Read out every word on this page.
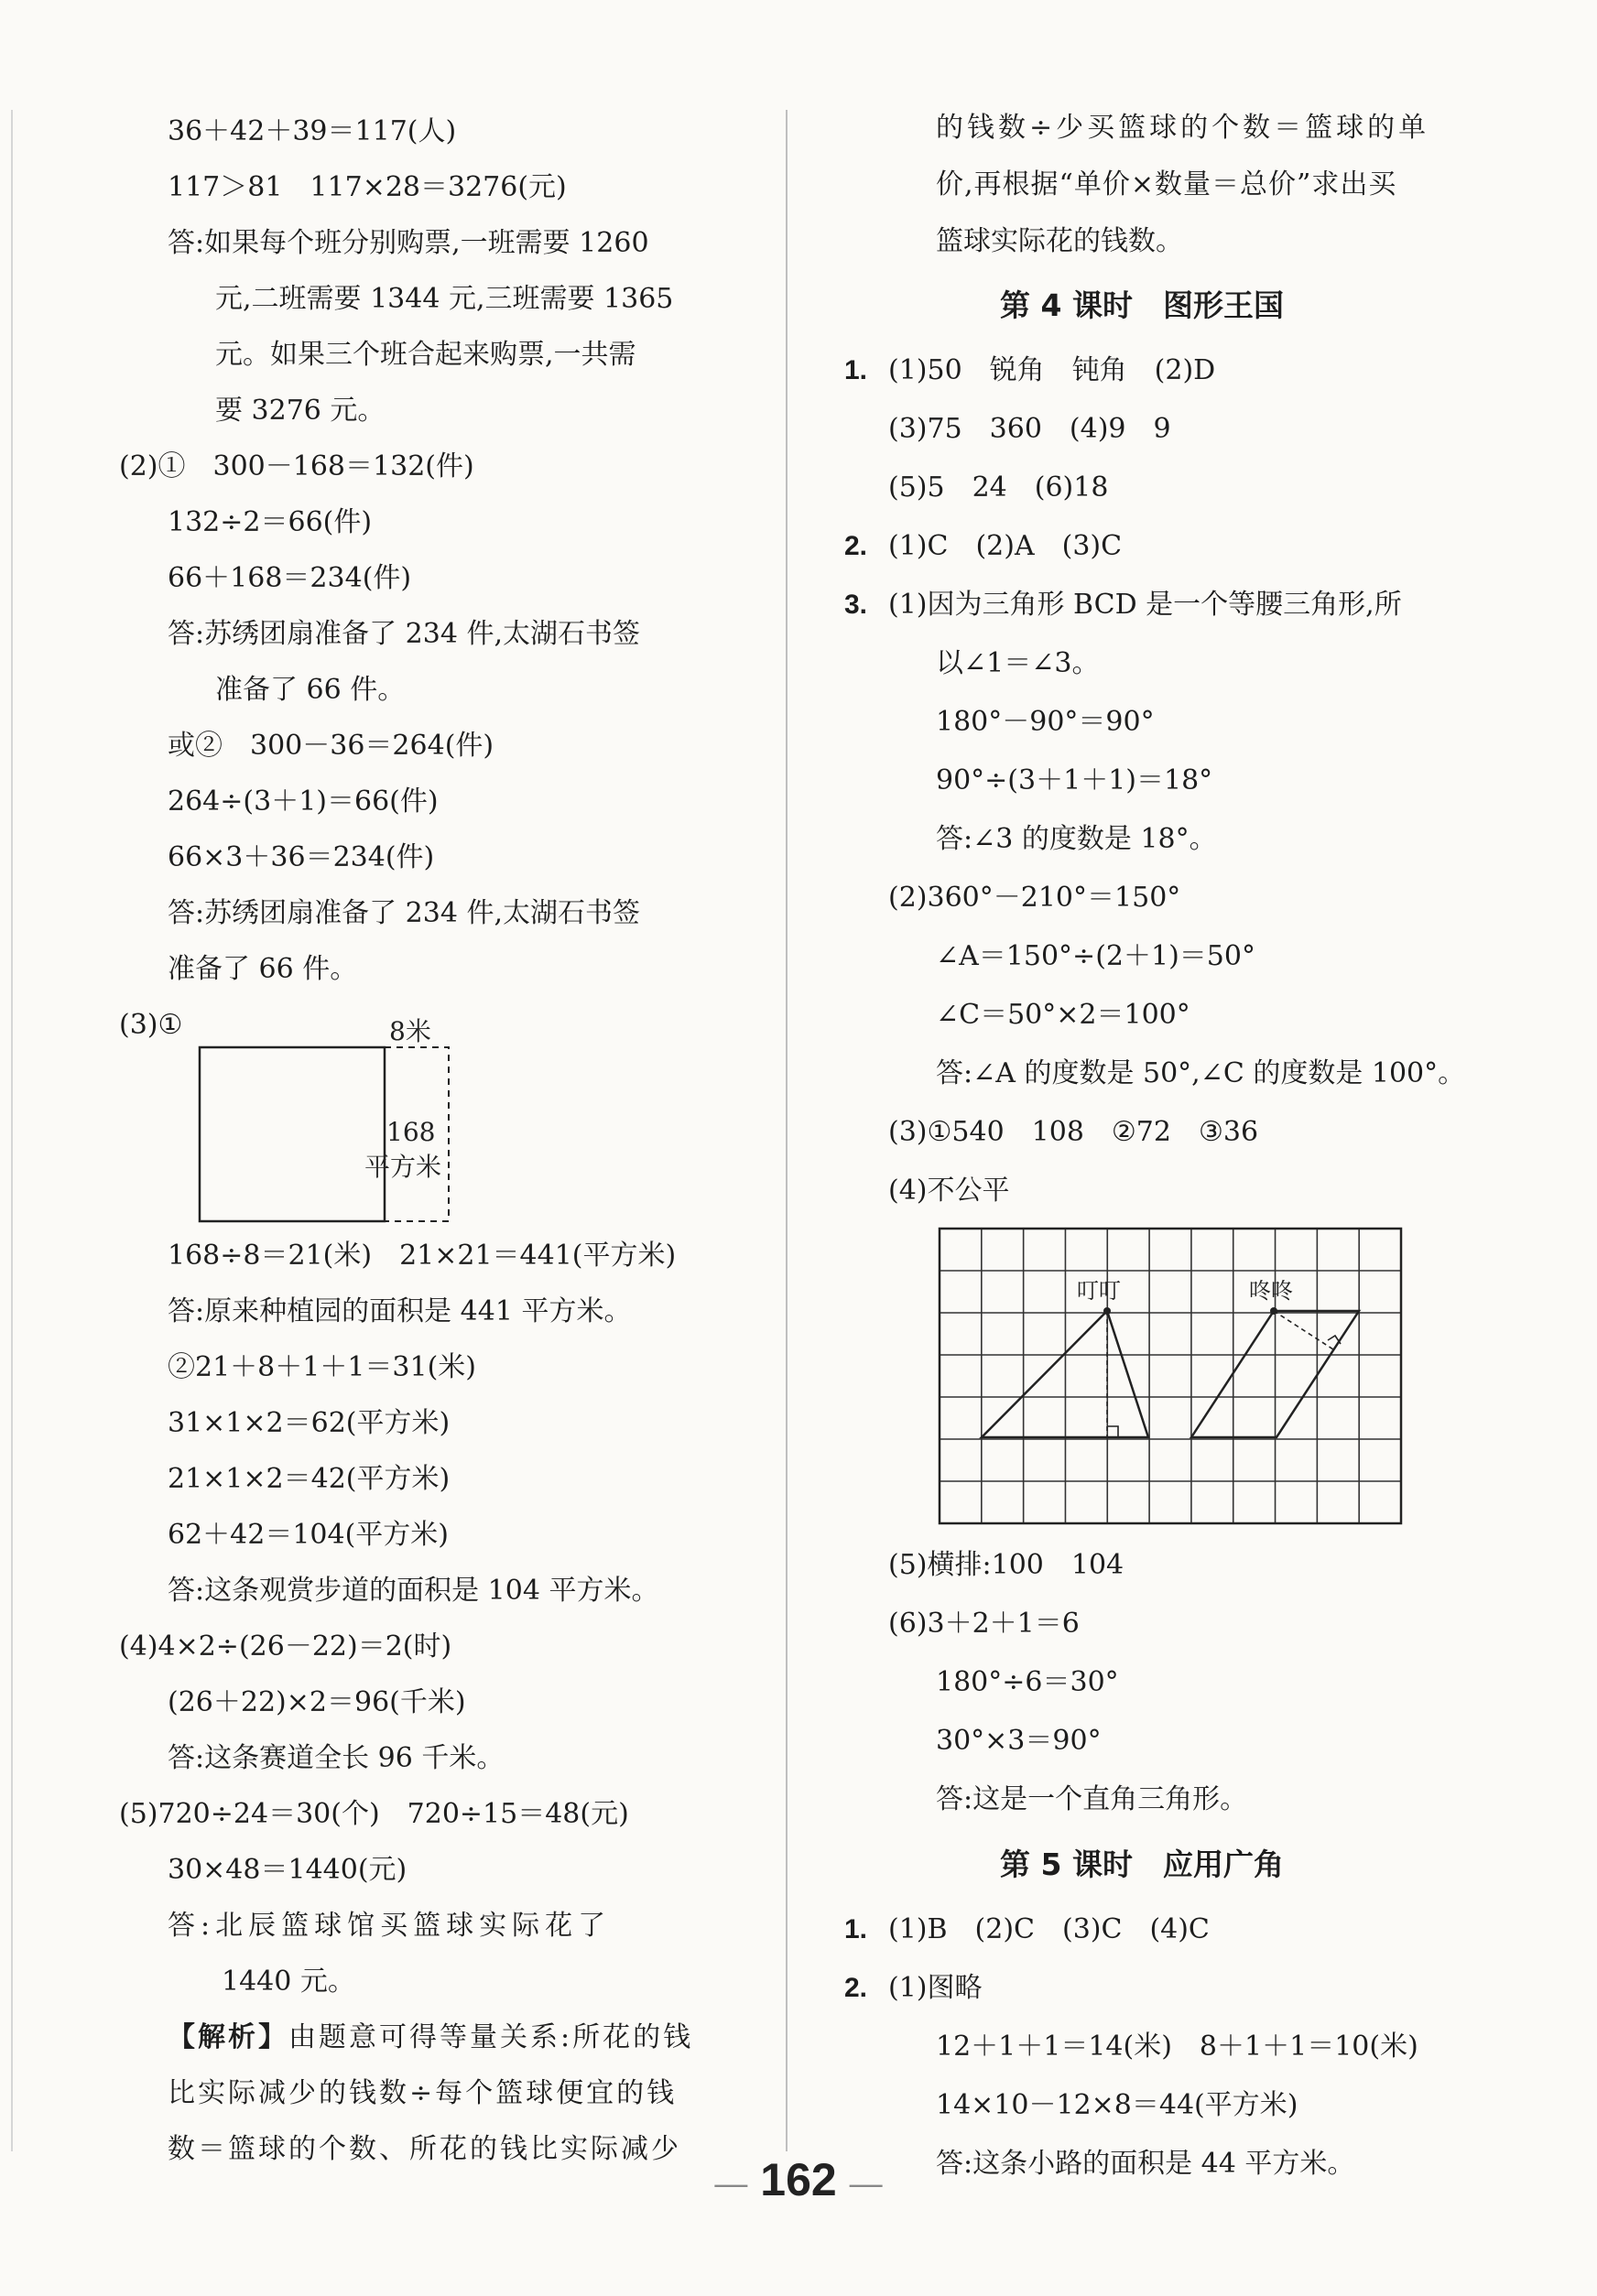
36＋42＋39＝117(人)
117＞81　117×28＝3276(元)
答:如果每个班分别购票,一班需要 1260
元,二班需要 1344 元,三班需要 1365
元。如果三个班合起来购票,一共需
要 3276 元。
(2)①　300－168＝132(件)
132÷2＝66(件)
66＋168＝234(件)
答:苏绣团扇准备了 234 件,太湖石书签
准备了 66 件。
或②　300－36＝264(件)
264÷(3＋1)＝66(件)
66×3＋36＝234(件)
答:苏绣团扇准备了 234 件,太湖石书签
准备了 66 件。
(3)①	8米
168
平方米
168÷8＝21(米)　21×21＝441(平方米)
答:原来种植园的面积是 441 平方米。
②21＋8＋1＋1＝31(米)
31×1×2＝62(平方米)
21×1×2＝42(平方米)
62＋42＝104(平方米)
答:这条观赏步道的面积是 104 平方米。
(4)4×2÷(26－22)＝2(时)
(26＋22)×2＝96(千米)
答:这条赛道全长 96 千米。
(5)720÷24＝30(个)　720÷15＝48(元)
30×48＝1440(元)
答:北辰篮球馆买篮球实际花了
1440 元。
【解析】由题意可得等量关系:所花的钱
比实际减少的钱数÷每个篮球便宜的钱
数＝篮球的个数、所花的钱比实际减少
的钱数÷少买篮球的个数＝篮球的单
价,再根据“单价×数量＝总价”求出买
篮球实际花的钱数。
第 4 课时　图形王国
1. (1)50　锐角　钝角　(2)D
(3)75　360　(4)9　9
(5)5　24　(6)18
2. (1)C　(2)A　(3)C
3. (1)因为三角形 BCD 是一个等腰三角形,所
以∠1＝∠3。
180°－90°＝90°
90°÷(3＋1＋1)＝18°
答:∠3 的度数是 18°。
(2)360°－210°＝150°
∠A＝150°÷(2＋1)＝50°
∠C＝50°×2＝100°
答:∠A 的度数是 50°,∠C 的度数是 100°。
(3)①540　108　②72　③36
(4)不公平
叮叮	咚咚
(5)横排:100　104
(6)3＋2＋1＝6
180°÷6＝30°
30°×3＝90°
答:这是一个直角三角形。
第 5 课时　应用广角
1. (1)B　(2)C　(3)C　(4)C
2. (1)图略
12＋1＋1＝14(米)　8＋1＋1＝10(米)
14×10－12×8＝44(平方米)
答:这条小路的面积是 44 平方米。
— 162 —
